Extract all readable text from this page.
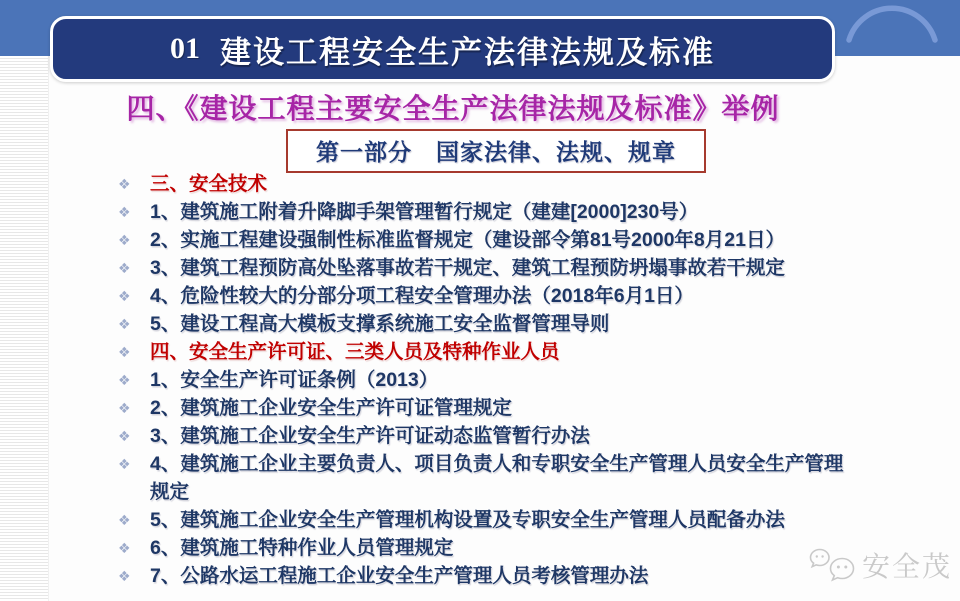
01 建设工程安全生产法律法规及标准
四、《建设工程主要安全生产法律法规及标准》举例
第一部分　国家法律、法规、规章
❖ 三、安全技术
❖ 1、建筑施工附着升降脚手架管理暂行规定（建建[2000]230号）
❖ 2、实施工程建设强制性标准监督规定（建设部令第81号2000年8月21日）
❖ 3、建筑工程预防高处坠落事故若干规定、建筑工程预防坍塌事故若干规定
❖ 4、危险性较大的分部分项工程安全管理办法（2018年6月1日）
❖ 5、建设工程高大模板支撑系统施工安全监督管理导则
❖ 四、安全生产许可证、三类人员及特种作业人员
❖ 1、安全生产许可证条例（2013）
❖ 2、建筑施工企业安全生产许可证管理规定
❖ 3、建筑施工企业安全生产许可证动态监管暂行办法
❖ 4、建筑施工企业主要负责人、项目负责人和专职安全生产管理人员安全生产管理规定
❖ 5、建筑施工企业安全生产管理机构设置及专职安全生产管理人员配备办法
❖ 6、建筑施工特种作业人员管理规定
❖ 7、公路水运工程施工企业安全生产管理人员考核管理办法	安全茂
